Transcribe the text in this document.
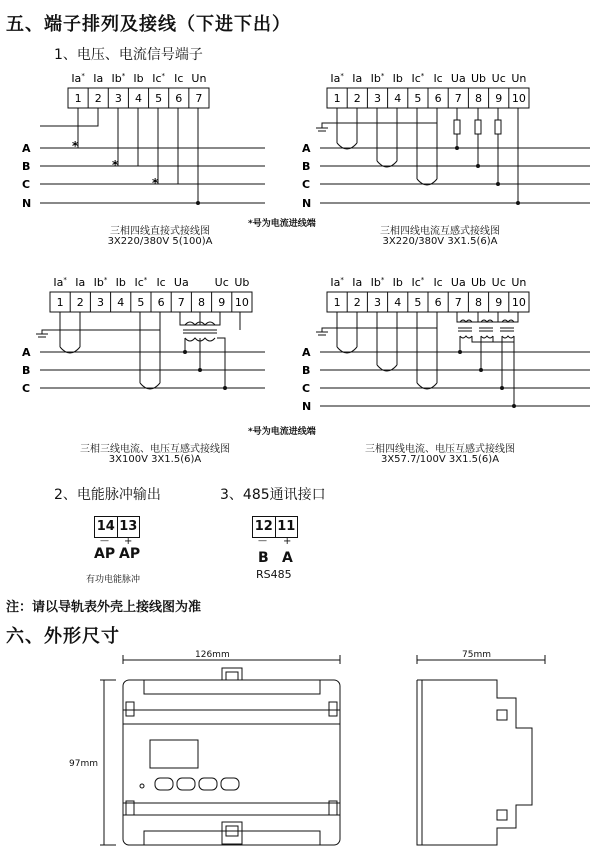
五、端子排列及接线（下进下出）
1、电压、电流信号端子
Ia* Ia Ib* Ib Ic* Ic Un
1 2 3 4 5 6 7
*
*
*
A
B
C
N
三相四线直接式接线图
3X220/380V 5(100)A
Ia* Ia Ib* Ib Ic* Ic Ua Ub Uc Un
1 2 3 4 5 6 7 8 9 10
A
B
C
N
三相四线电流互感式接线图
3X220/380V 3X1.5(6)A
*号为电流进线端
Ia* Ia Ib* Ib Ic* Ic Ua Uc Ub
1 2 3 4 5 6 7 8 9 10
A
B
C
三相三线电流、电压互感式接线图
3X100V 3X1.5(6)A
Ia* Ia Ib* Ib Ic* Ic Ua Ub Uc Un
1 2 3 4 5 6 7 8 9 10
A
B
C
N
三相四线电流、电压互感式接线图
3X57.7/100V 3X1.5(6)A
*号为电流进线端
2、电能脉冲输出	3、485通讯接口
14 13
— +
AP AP
有功电能脉冲
12 11
— +
B A
RS485
注：请以导轨表外壳上接线图为准
六、外形尺寸
126mm	75mm
97mm
